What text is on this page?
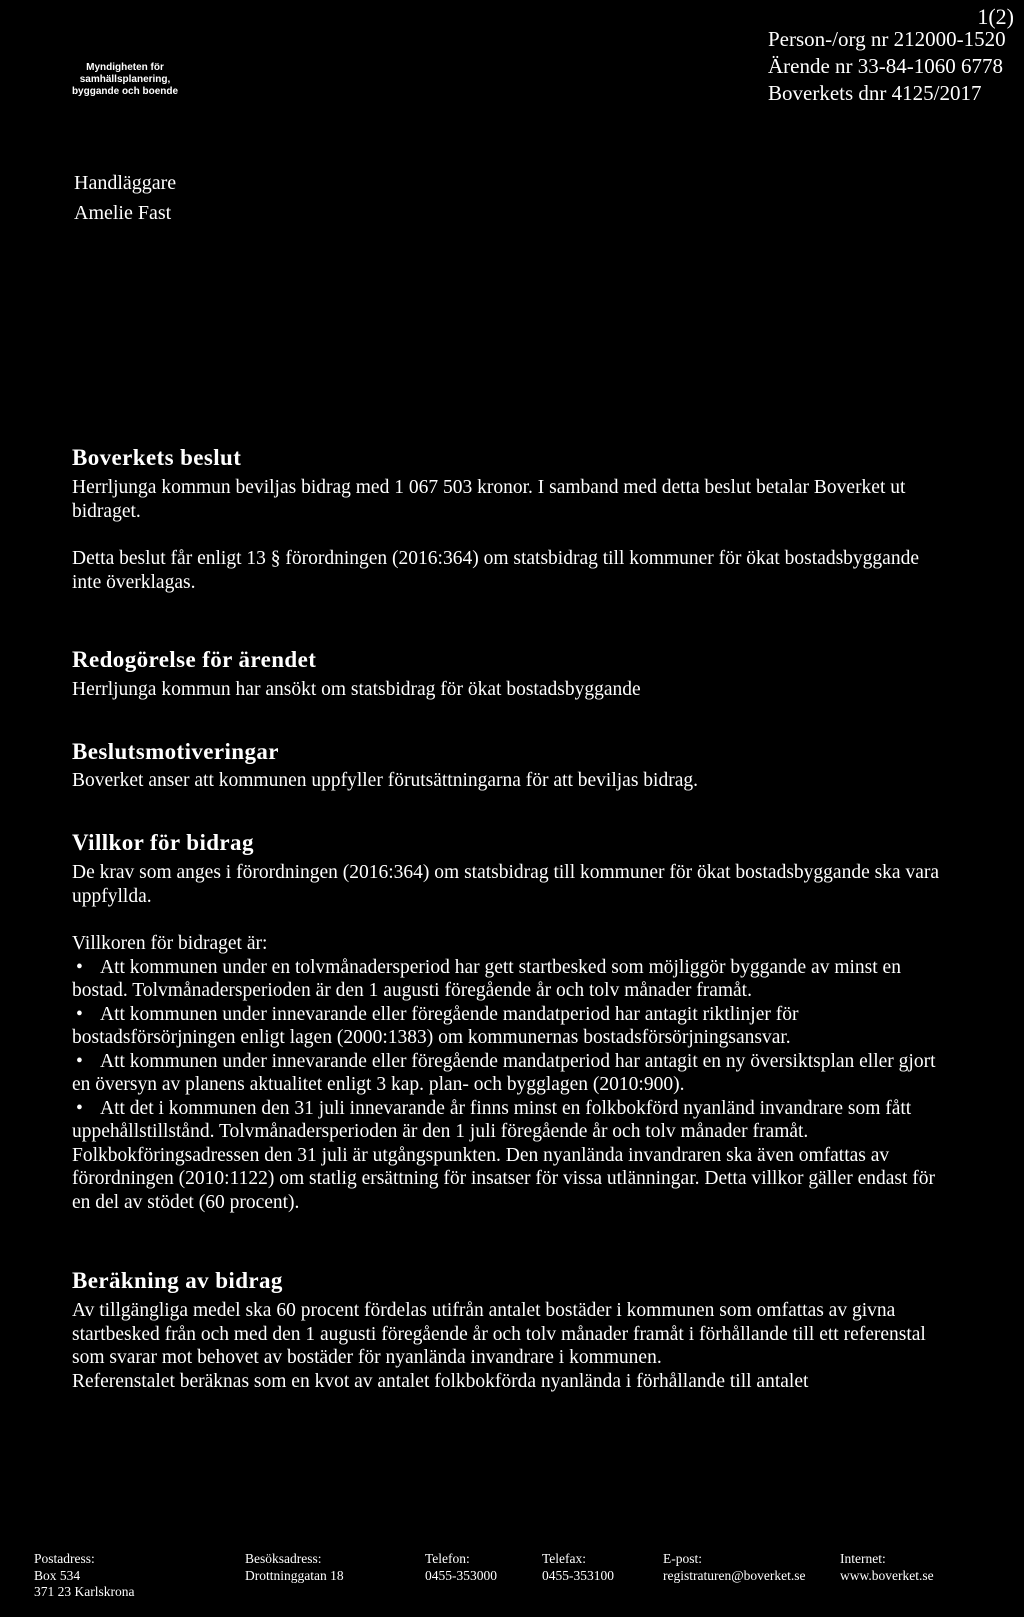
1(2)
Person-/org nr 212000-1520
Ärende nr 33-84-1060 6778
Boverkets dnr 4125/2017
Myndigheten för samhällsplanering,
byggande och boende
Handläggare
Amelie Fast
Boverkets beslut

Herrljunga kommun beviljas bidrag med 1 067 503 kronor. I samband med detta beslut betalar Boverket ut bidraget.

Detta beslut får enligt 13 § förordningen (2016:364) om statsbidrag till kommuner för ökat bostadsbyggande inte överklagas.

Redogörelse för ärendet

Herrljunga kommun har ansökt om statsbidrag för ökat bostadsbyggande

Beslutsmotiveringar

Boverket anser att kommunen uppfyller förutsättningarna för att beviljas bidrag.

Villkor för bidrag

De krav som anges i förordningen (2016:364) om statsbidrag till kommuner för ökat bostadsbyggande ska vara uppfyllda.

Villkoren för bidraget är:

• Att kommunen under en tolvmånadersperiod har gett startbesked som möjliggör byggande av minst en bostad. Tolvmånadersperioden är den 1 augusti föregående år och tolv månader framåt.
• Att kommunen under innevarande eller föregående mandatperiod har antagit riktlinjer för bostadsförsörjningen enligt lagen (2000:1383) om kommunernas bostadsförsörjningsansvar.
• Att kommunen under innevarande eller föregående mandatperiod har antagit en ny översiktsplan eller gjort en översyn av planens aktualitet enligt 3 kap. plan- och bygglagen (2010:900).
• Att det i kommunen den 31 juli innevarande år finns minst en folkbokförd nyanländ invandrare som fått uppehållstillstånd. Tolvmånadersperioden är den 1 juli föregående år och tolv månader framåt. Folkbokföringsadressen den 31 juli är utgångspunkten. Den nyanlända invandraren ska även omfattas av förordningen (2010:1122) om statlig ersättning för insatser för vissa utlänningar. Detta villkor gäller endast för en del av stödet (60 procent).
Beräkning av bidrag

Av tillgängliga medel ska 60 procent fördelas utifrån antalet bostäder i kommunen som omfattas av givna startbesked från och med den 1 augusti föregående år och tolv månader framåt i förhållande till ett referenstal som svarar mot behovet av bostäder för nyanlända invandrare i kommunen.

Referenstalet beräknas som en kvot av antalet folkbokförda nyanlända i förhållande till antalet

Postadress:
Box 534
371 23 Karlskrona
Besöksadress:
Drottninggatan 18
Telefon:
0455-353000
Telefax:
0455-353100
E-post:
registraturen@boverket.se
Internet:
www.boverket.se
